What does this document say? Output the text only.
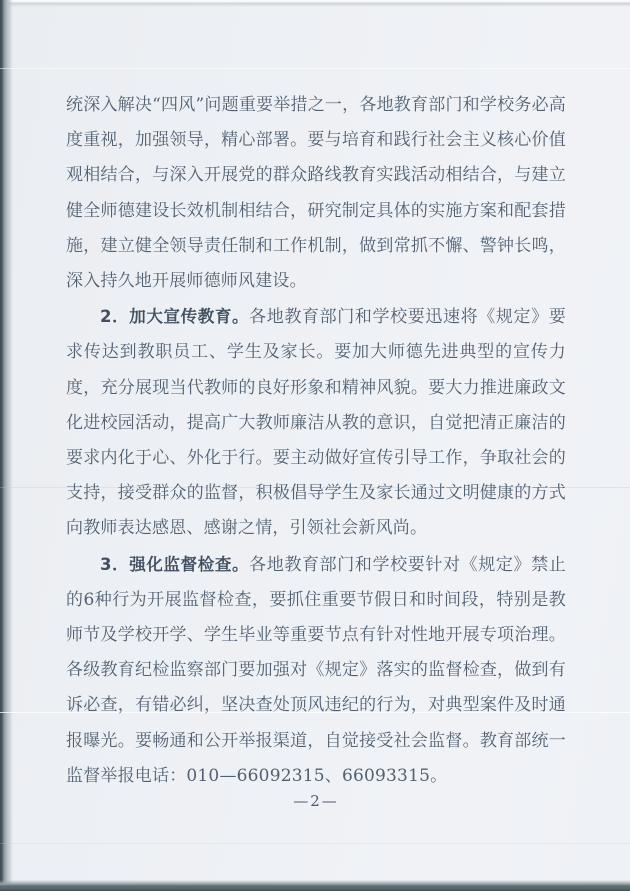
统深入解决“四风”问题重要举措之一，各地教育部门和学校务必高度重视，加强领导，精心部署。要与培育和践行社会主义核心价值观相结合，与深入开展党的群众路线教育实践活动相结合，与建立健全师德建设长效机制相结合，研究制定具体的实施方案和配套措施，建立健全领导责任制和工作机制，做到常抓不懈、警钟长鸣，深入持久地开展师德师风建设。

2．加大宣传教育。各地教育部门和学校要迅速将《规定》要求传达到教职员工、学生及家长。要加大师德先进典型的宣传力度，充分展现当代教师的良好形象和精神风貌。要大力推进廉政文化进校园活动，提高广大教师廉洁从教的意识，自觉把清正廉洁的要求内化于心、外化于行。要主动做好宣传引导工作，争取社会的支持，接受群众的监督，积极倡导学生及家长通过文明健康的方式向教师表达感恩、感谢之情，引领社会新风尚。

3．强化监督检查。各地教育部门和学校要针对《规定》禁止的6种行为开展监督检查，要抓住重要节假日和时间段，特别是教师节及学校开学、学生毕业等重要节点有针对性地开展专项治理。各级教育纪检监察部门要加强对《规定》落实的监督检查，做到有诉必查，有错必纠，坚决查处顶风违纪的行为，对典型案件及时通报曝光。要畅通和公开举报渠道，自觉接受社会监督。教育部统一监督举报电话：010—66092315、66093315。

—2—
